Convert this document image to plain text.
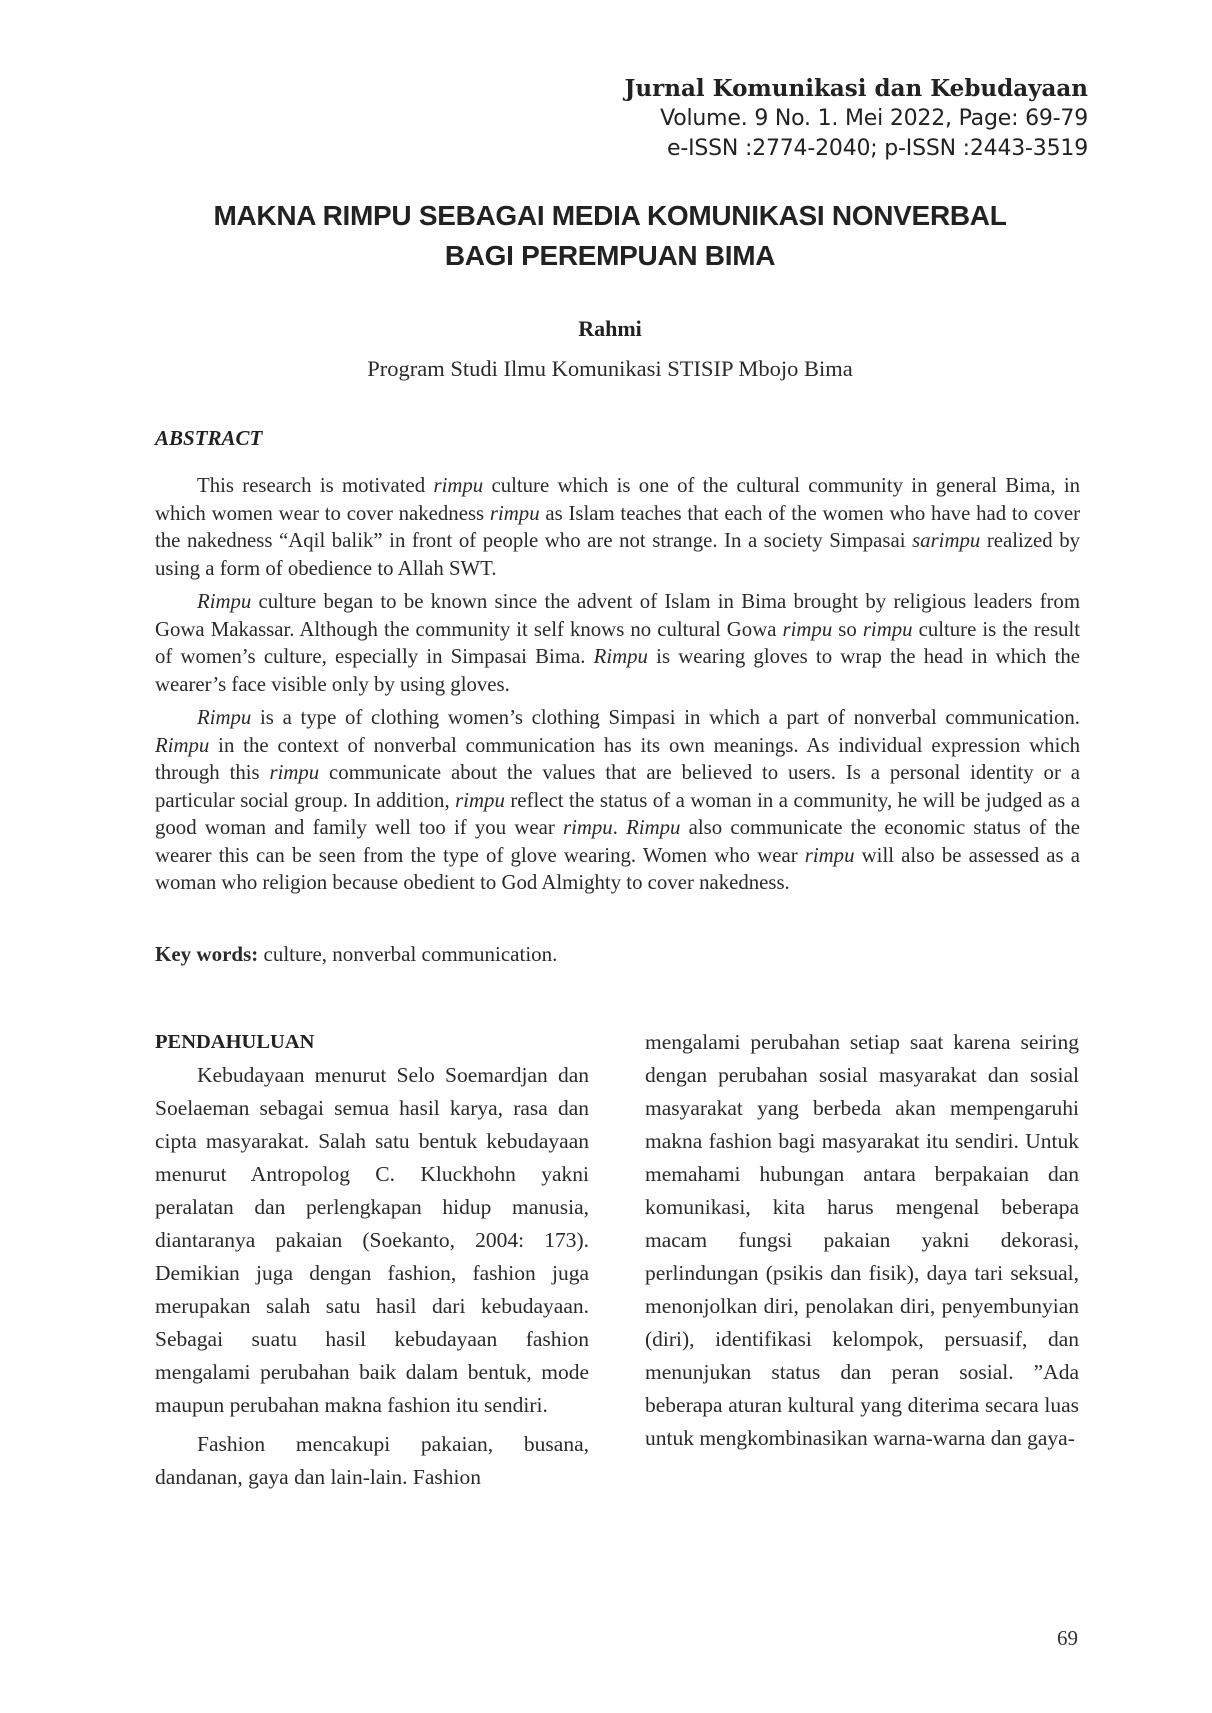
Jurnal Komunikasi dan Kebudayaan
Volume. 9 No. 1. Mei 2022, Page: 69-79
e-ISSN :2774-2040; p-ISSN :2443-3519
MAKNA RIMPU SEBAGAI MEDIA KOMUNIKASI NONVERBAL
BAGI PEREMPUAN BIMA
Rahmi
Program Studi Ilmu Komunikasi STISIP Mbojo Bima
ABSTRACT

This research is motivated rimpu culture which is one of the cultural community in general Bima, in which women wear to cover nakedness rimpu as Islam teaches that each of the women who have had to cover the nakedness “Aqil balik” in front of people who are not strange. In a society Simpasai sarimpu realized by using a form of obedience to Allah SWT.

Rimpu culture began to be known since the advent of Islam in Bima brought by religious leaders from Gowa Makassar. Although the community it self knows no cultural Gowa rimpu so rimpu culture is the result of women’s culture, especially in Simpasai Bima. Rimpu is wearing gloves to wrap the head in which the wearer’s face visible only by using gloves.

Rimpu is a type of clothing women’s clothing Simpasi in which a part of nonverbal communication. Rimpu in the context of nonverbal communication has its own meanings. As individual expression which through this rimpu communicate about the values that are believed to users. Is a personal identity or a particular social group. In addition, rimpu reflect the status of a woman in a community, he will be judged as a good woman and family well too if you wear rimpu. Rimpu also communicate the economic status of the wearer this can be seen from the type of glove wearing. Women who wear rimpu will also be assessed as a woman who religion because obedient to God Almighty to cover nakedness.

Key words: culture, nonverbal communication.
PENDAHULUAN

Kebudayaan menurut Selo Soemardjan dan Soelaeman sebagai semua hasil karya, rasa dan cipta masyarakat. Salah satu bentuk kebudayaan menurut Antropolog C. Kluckhohn yakni peralatan dan perlengkapan hidup manusia, diantaranya pakaian (Soekanto, 2004: 173). Demikian juga dengan fashion, fashion juga merupakan salah satu hasil dari kebudayaan. Sebagai suatu hasil kebudayaan fashion mengalami perubahan baik dalam bentuk, mode maupun perubahan makna fashion itu sendiri.

Fashion mencakupi pakaian, busana, dandanan, gaya dan lain-lain. Fashion

mengalami perubahan setiap saat karena seiring dengan perubahan sosial masyarakat dan sosial masyarakat yang berbeda akan mempengaruhi makna fashion bagi masyarakat itu sendiri. Untuk memahami hubungan antara berpakaian dan komunikasi, kita harus mengenal beberapa macam fungsi pakaian yakni dekorasi, perlindungan (psikis dan fisik), daya tari seksual, menonjolkan diri, penolakan diri, penyembunyian (diri), identifikasi kelompok, persuasif, dan menunjukan status dan peran sosial. ”Ada beberapa aturan kultural yang diterima secara luas untuk mengkombinasikan warna-warna dan gaya-

69
